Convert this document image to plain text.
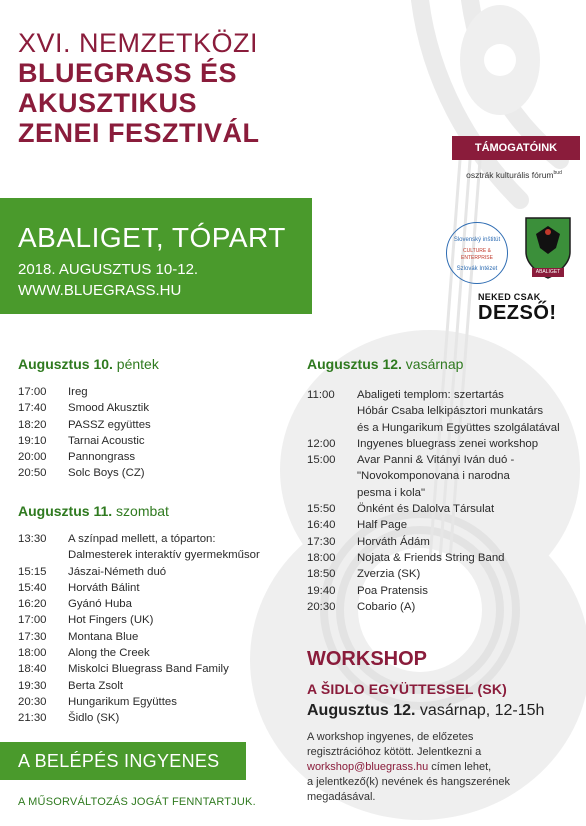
XVI. NEMZETKÖZI
BLUEGRASS ÉS
AKUSZTIKUS
ZENEI FESZTIVÁL
ABALIGET, TÓPART
2018. AUGUSZTUS 10-12.
WWW.BLUEGRASS.HU
TÁMOGATÓINK
osztrák kulturális fórum$^{bud}$
Slovenský inštitút
CULTURE & ENTERPRISE
Szlovák Intézet	ABALIGET
NEKED CSAK
DEZSŐ!
Augusztus 10. péntek
17:00	Ireg
17:40	Smood Akusztik
18:20	PASSZ együttes
19:10	Tarnai Acoustic
20:00	Pannongrass
20:50	Solc Boys (CZ)
Augusztus 11. szombat
13:30	A színpad mellett, a tóparton:
Dalmesterek interaktív gyermekműsor
15:15	Jászai-Németh duó
15:40	Horváth Bálint
16:20	Gyánó Huba
17:00	Hot Fingers (UK)
17:30	Montana Blue
18:00	Along the Creek
18:40	Miskolci Bluegrass Band Family
19:30	Berta Zsolt
20:30	Hungarikum Együttes
21:30	Šidlo (SK)
Augusztus 12. vasárnap
11:00	Abaligeti templom: szertartás
Hóbár Csaba lelkipásztori munkatárs
és a Hungarikum Együttes szolgálatával
12:00	Ingyenes bluegrass zenei workshop
15:00	Avar Panni & Vitányi Iván duó -
"Novokomponovana i narodna
pesma i kola"
15:50	Önként és Dalolva Társulat
16:40	Half Page
17:30	Horváth Ádám
18:00	Nojata & Friends String Band
18:50	Zverzia (SK)
19:40	Poa Pratensis
20:30	Cobario (A)
WORKSHOP
A ŠIDLO EGYÜTTESSEL (SK)
Augusztus 12. vasárnap, 12-15h
A workshop ingyenes, de előzetes
regisztrációhoz kötött. Jelentkezni a
workshop@bluegrass.hu címen lehet,
a jelentkező(k) nevének és hangszerének
megadásával.
A BELÉPÉS INGYENES
A MŰSORVÁLTOZÁS JOGÁT FENNTARTJUK.
